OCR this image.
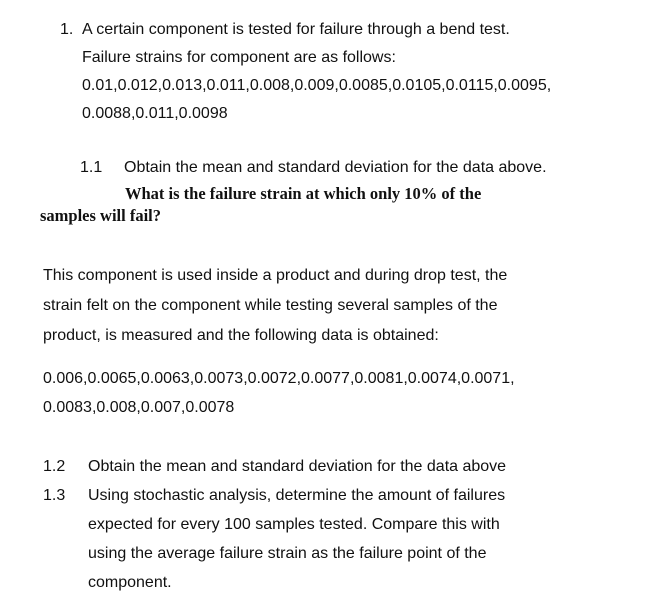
1. A certain component is tested for failure through a bend test.
Failure strains for component are as follows:
0.01,0.012,0.013,0.011,0.008,0.009,0.0085,0.0105,0.0115,0.0095,
0.0088,0.011,0.0098
1.1 Obtain the mean and standard deviation for the data above.
What is the failure strain at which only 10% of the
samples will fail?
This component is used inside a product and during drop test, the
strain felt on the component while testing several samples of the
product, is measured and the following data is obtained:
0.006,0.0065,0.0063,0.0073,0.0072,0.0077,0.0081,0.0074,0.0071,
0.0083,0.008,0.007,0.0078
1.2 Obtain the mean and standard deviation for the data above
1.3 Using stochastic analysis, determine the amount of failures
expected for every 100 samples tested. Compare this with
using the average failure strain as the failure point of the
component.
